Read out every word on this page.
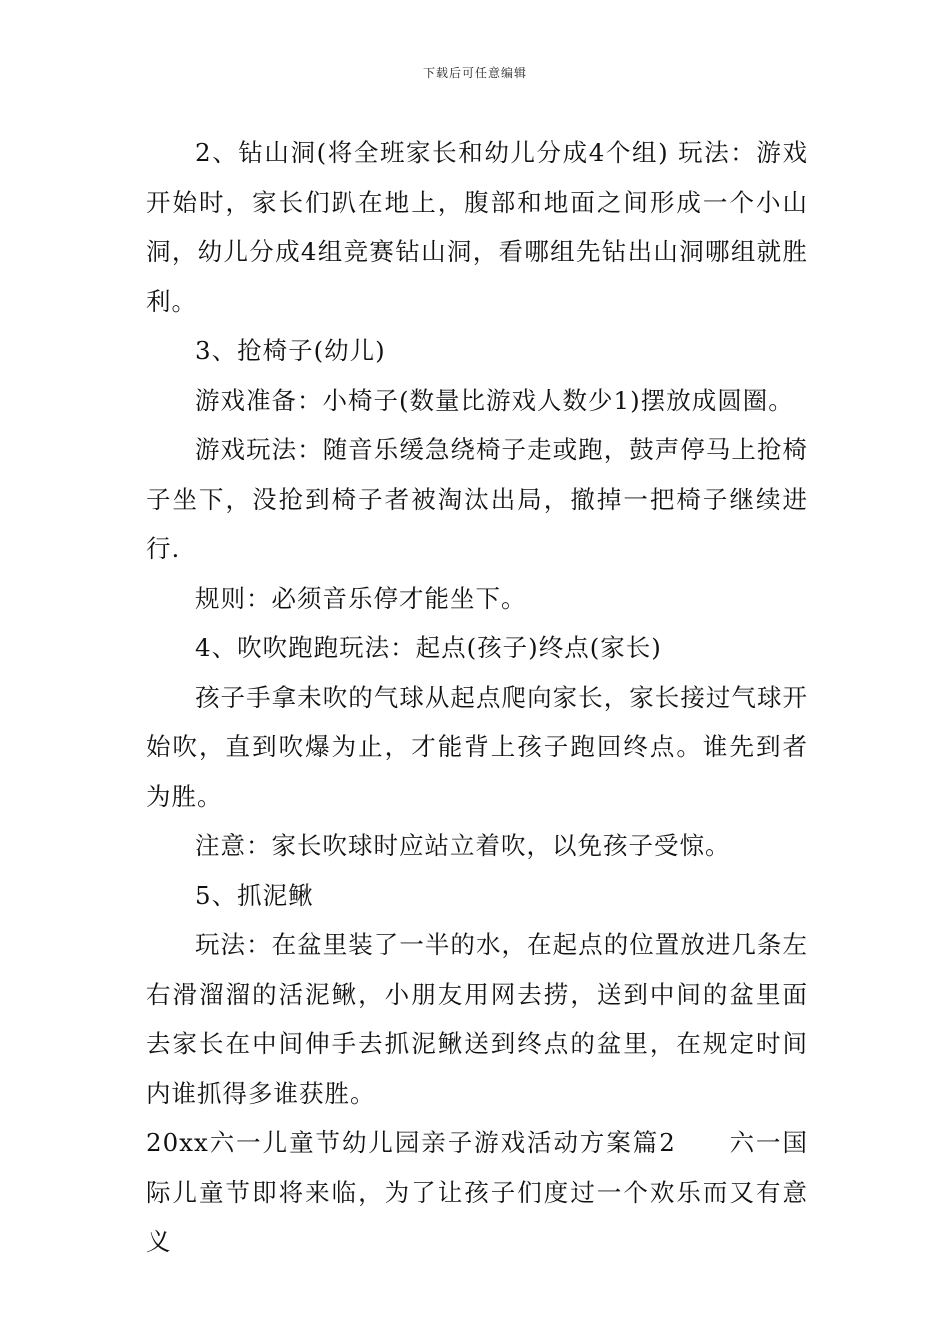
下载后可任意编辑

2、钻山洞(将全班家长和幼儿分成4个组) 玩法：游戏开始时，家长们趴在地上，腹部和地面之间形成一个小山洞，幼儿分成4组竞赛钻山洞，看哪组先钻出山洞哪组就胜利。

3、抢椅子(幼儿)

游戏准备：小椅子(数量比游戏人数少1)摆放成圆圈。

游戏玩法：随音乐缓急绕椅子走或跑，鼓声停马上抢椅子坐下，没抢到椅子者被淘汰出局，撤掉一把椅子继续进行.

规则：必须音乐停才能坐下。

4、吹吹跑跑玩法：起点(孩子)终点(家长)

孩子手拿未吹的气球从起点爬向家长，家长接过气球开始吹，直到吹爆为止，才能背上孩子跑回终点。谁先到者为胜。

注意：家长吹球时应站立着吹，以免孩子受惊。

5、抓泥鳅

玩法：在盆里装了一半的水，在起点的位置放进几条左右滑溜溜的活泥鳅，小朋友用网去捞，送到中间的盆里面去家长在中间伸手去抓泥鳅送到终点的盆里，在规定时间内谁抓得多谁获胜。

20xx六一儿童节幼儿园亲子游戏活动方案篇2　　六一国际儿童节即将来临，为了让孩子们度过一个欢乐而又有意义
